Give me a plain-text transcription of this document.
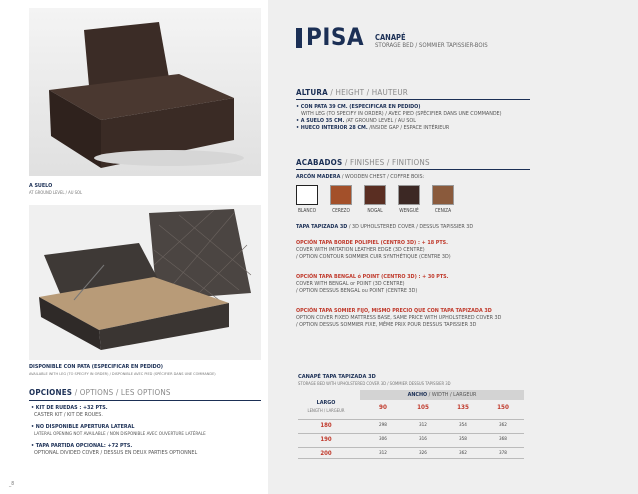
A SUELO
AT GROUND LEVEL / AU SOL
DISPONIBLE CON PATA (ESPECIFICAR EN PEDIDO)
AVAILABLE WITH LEG (TO SPECIFY IN ORDER) / DISPONIBLE AVEC PIED (SPÉCIFIER DANS UNE COMMANDE)
OPCIONES / OPTIONS / LES OPTIONS
• KIT DE RUEDAS : +32 PTS.
CASTER KIT / KIT DE ROUES.
• NO DISPONIBLE APERTURA LATERAL
LATERAL OPENING NOT AVAILABLE / NON DISPONIBLE AVEC OUVERTURE LATÉRALE
• TAPA PARTIDA OPCIONAL: +72 PTS.
OPTIONAL DIVIDED COVER / DESSUS EN DEUX PARTIES OPTIONNEL
_8
PISA CANAPÉ
STORAGE BED / SOMMIER TAPISSIER-BOIS
ALTURA / HEIGHT / HAUTEUR
• CON PATA 39 CM. (ESPECIFICAR EN PEDIDO)
WITH LEG (TO SPECIFY IN ORDER) / AVEC PIED (SPÉCIFIER DANS UNE COMMANDE)
• A SUELO 35 CM. /AT GROUND LEVEL / AU SOL
• HUECO INTERIOR 28 CM. /INSIDE GAP / ESPACE INTÉRIEUR
ACABADOS / FINISHES / FINITIONS
ARCÓN MADERA / WOODEN CHEST / COFFRE BOIS:
BLANCO	CEREZO	NOGAL	WENGUÉ	CENIZA
TAPA TAPIZADA 3D / 3D UPHOLSTERED COVER / DESSUS TAPISSIER 3D
OPCIÓN TAPA BORDE POLIPIEL (CENTRO 3D) : + 18 PTS.
COVER WITH IMITATION LEATHER EDGE (3D CENTRE)
/ OPTION CONTOUR SOMMIER CUIR SYNTHÉTIQUE (CENTRE 3D)
OPCIÓN TAPA BENGAL ó POINT (CENTRO 3D) : + 30 PTS.
COVER WITH BENGAL or POINT (3D CENTRE)
/ OPTION DESSUS BENGAL ou POINT (CENTRE 3D)
OPCIÓN TAPA SOMIER FIJO, MISMO PRECIO QUE CON TAPA TAPIZADA 3D
OPTION COVER FIXED MATTRESS BASE, SAME PRICE WITH UPHOLSTERED COVER 3D
/ OPTION DESSUS SOMMIER FIXE, MÊME PRIX POUR DESSUS TAPISSIER 3D
CANAPÉ TAPA TAPIZADA 3D
STORAGE BED WITH UPHOLSTERED COVER 3D / SOMMIER DESSUS TAPISSIER 3D
ANCHO / WIDTH / LARGEUR
LARGO
LENGTH / LARGEUR	90	105	135	150
180	298	312	354	362
190	306	316	358	368
200	312	326	362	378
